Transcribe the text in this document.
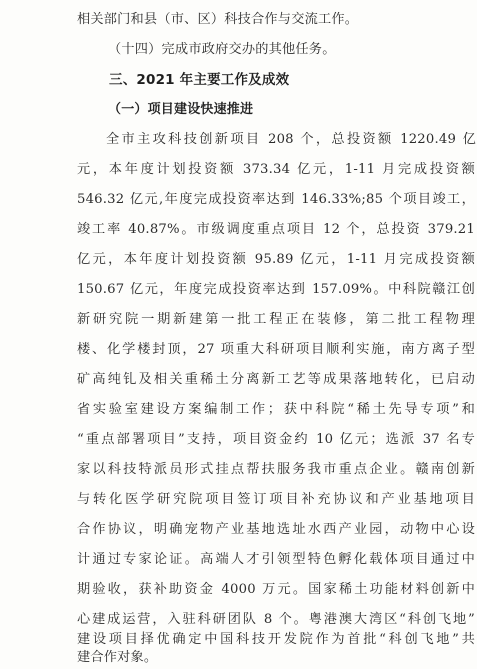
相关部门和县（市、区）科技合作与交流工作。
（十四）完成市政府交办的其他任务。
三、2021 年主要工作及成效
（一）项目建设快速推进
全市主攻科技创新项目 208 个，总投资额 1220.49 亿
元，本年度计划投资额 373.34 亿元，1-11 月完成投资额
546.32 亿元,年度完成投资率达到 146.33%;85 个项目竣工，
竣工率 40.87%。市级调度重点项目 12 个，总投资 379.21
亿元，本年度计划投资额 95.89 亿元，1-11 月完成投资额
150.67 亿元，年度完成投资率达到 157.09%。中科院赣江创
新研究院一期新建第一批工程正在装修，第二批工程物理
楼、化学楼封顶，27 项重大科研项目顺利实施，南方离子型
矿高纯钆及相关重稀土分离新工艺等成果落地转化，已启动
省实验室建设方案编制工作；获中科院“稀土先导专项”和
“重点部署项目”支持，项目资金约 10 亿元；选派 37 名专
家以科技特派员形式挂点帮扶服务我市重点企业。赣南创新
与转化医学研究院项目签订项目补充协议和产业基地项目
合作协议，明确宠物产业基地选址水西产业园，动物中心设
计通过专家论证。高端人才引领型特色孵化载体项目通过中
期验收，获补助资金 4000 万元。国家稀土功能材料创新中
心建成运营，入驻科研团队 8 个。粤港澳大湾区“科创飞地”
建设项目择优确定中国科技开发院作为首批“科创飞地”共
建合作对象。
